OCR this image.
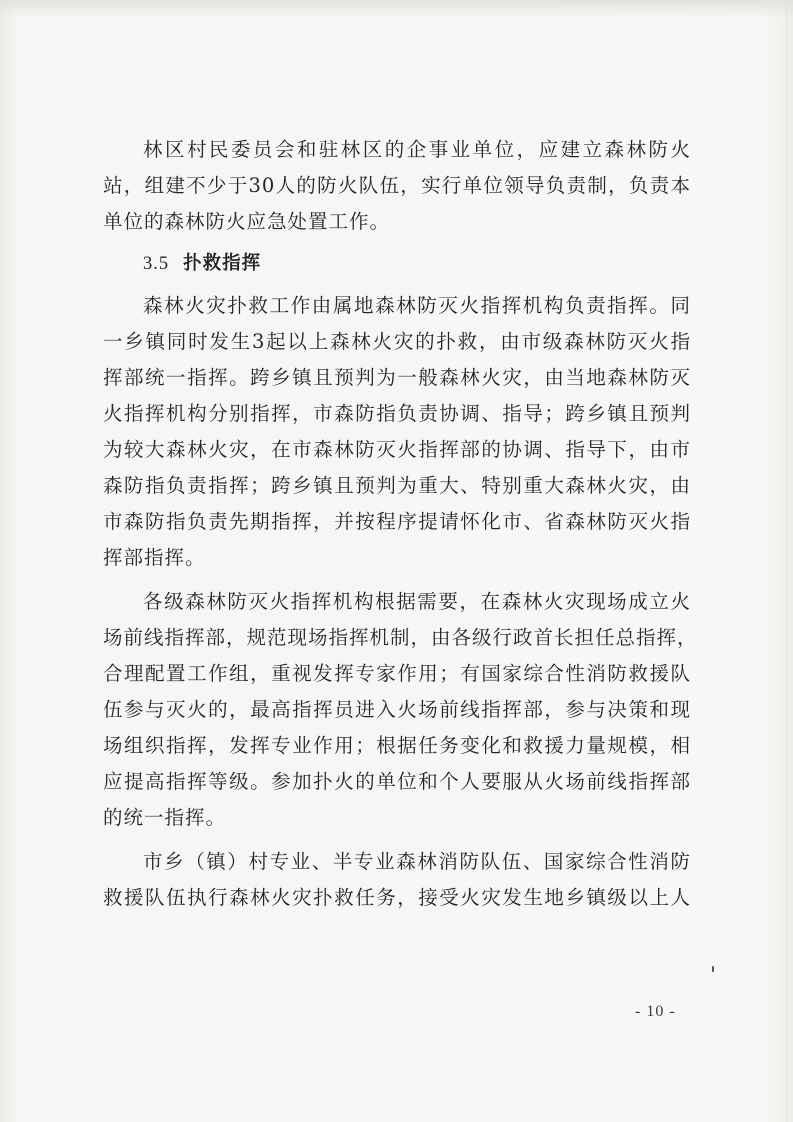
林区村民委员会和驻林区的企事业单位，应建立森林防火
站，组建不少于30人的防火队伍，实行单位领导负责制，负责本
单位的森林防火应急处置工作。
3.5 扑救指挥
森林火灾扑救工作由属地森林防灭火指挥机构负责指挥。同
一乡镇同时发生3起以上森林火灾的扑救，由市级森林防灭火指
挥部统一指挥。跨乡镇且预判为一般森林火灾，由当地森林防灭
火指挥机构分别指挥，市森防指负责协调、指导；跨乡镇且预判
为较大森林火灾，在市森林防灭火指挥部的协调、指导下，由市
森防指负责指挥；跨乡镇且预判为重大、特别重大森林火灾，由
市森防指负责先期指挥，并按程序提请怀化市、省森林防灭火指
挥部指挥。
各级森林防灭火指挥机构根据需要，在森林火灾现场成立火
场前线指挥部，规范现场指挥机制，由各级行政首长担任总指挥，
合理配置工作组，重视发挥专家作用；有国家综合性消防救援队
伍参与灭火的，最高指挥员进入火场前线指挥部，参与决策和现
场组织指挥，发挥专业作用；根据任务变化和救援力量规模，相
应提高指挥等级。参加扑火的单位和个人要服从火场前线指挥部
的统一指挥。
市乡（镇）村专业、半专业森林消防队伍、国家综合性消防
救援队伍执行森林火灾扑救任务，接受火灾发生地乡镇级以上人
- 10 -
